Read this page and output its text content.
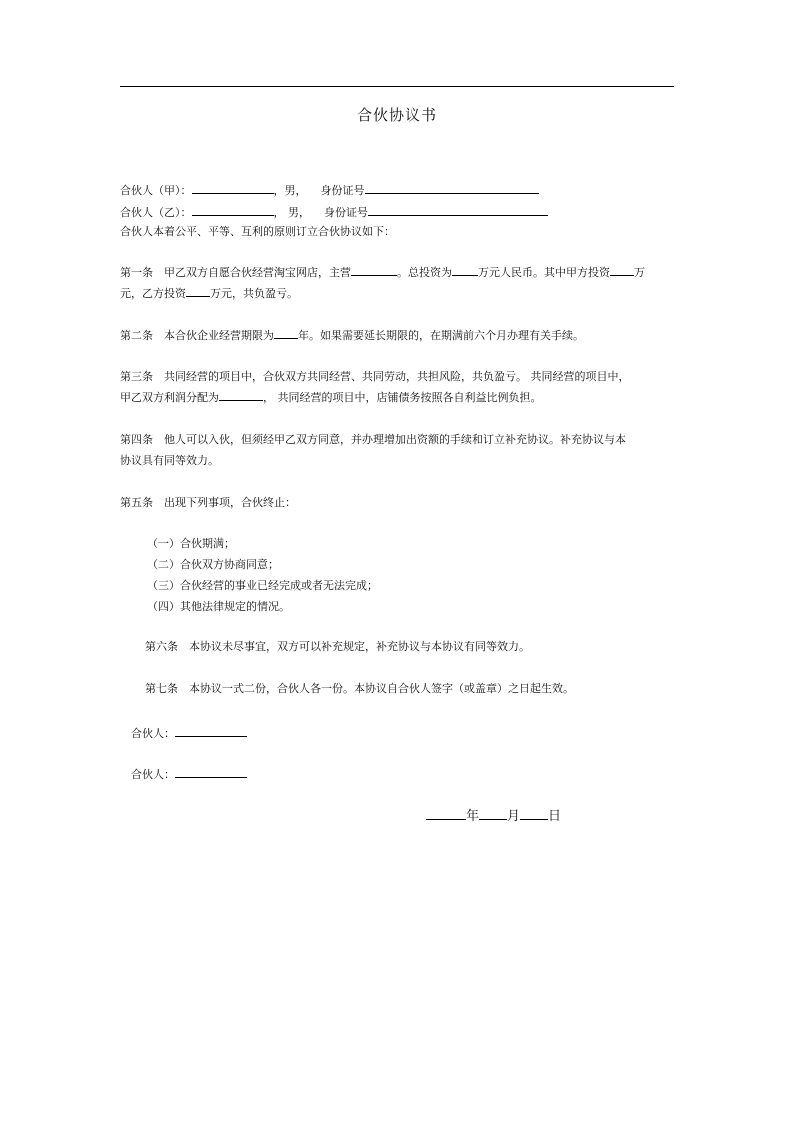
合伙协议书
合伙人（甲）：	，男， 身份证号
合伙人（乙）：	， 男， 身份证号
合伙人本着公平、平等、互利的原则订立合伙协议如下：
第一条　甲乙双方自愿合伙经营淘宝网店，主营	。总投资为 万元人民币。其中甲方投资 万
元，乙方投资 万元，共负盈亏。
第二条　本合伙企业经营期限为 年。如果需要延长期限的，在期满前六个月办理有关手续。
第三条　共同经营的项目中，合伙双方共同经营、共同劳动，共担风险，共负盈亏。 共同经营的项目中，
甲乙双方利润分配为	， 共同经营的项目中，店铺债务按照各自利益比例负担。
第四条　他人可以入伙，但须经甲乙双方同意，并办理增加出资额的手续和订立补充协议。补充协议与本
协议具有同等效力。
第五条　出现下列事项，合伙终止：
（一）合伙期满；
（二）合伙双方协商同意；
（三）合伙经营的事业已经完成或者无法完成；
（四）其他法律规定的情况。
第六条　本协议未尽事宜，双方可以补充规定，补充协议与本协议有同等效力。
第七条　本协议一式二份，合伙人各一份。本协议自合伙人签字（或盖章）之日起生效。
合伙人：
合伙人：
年 月 日
